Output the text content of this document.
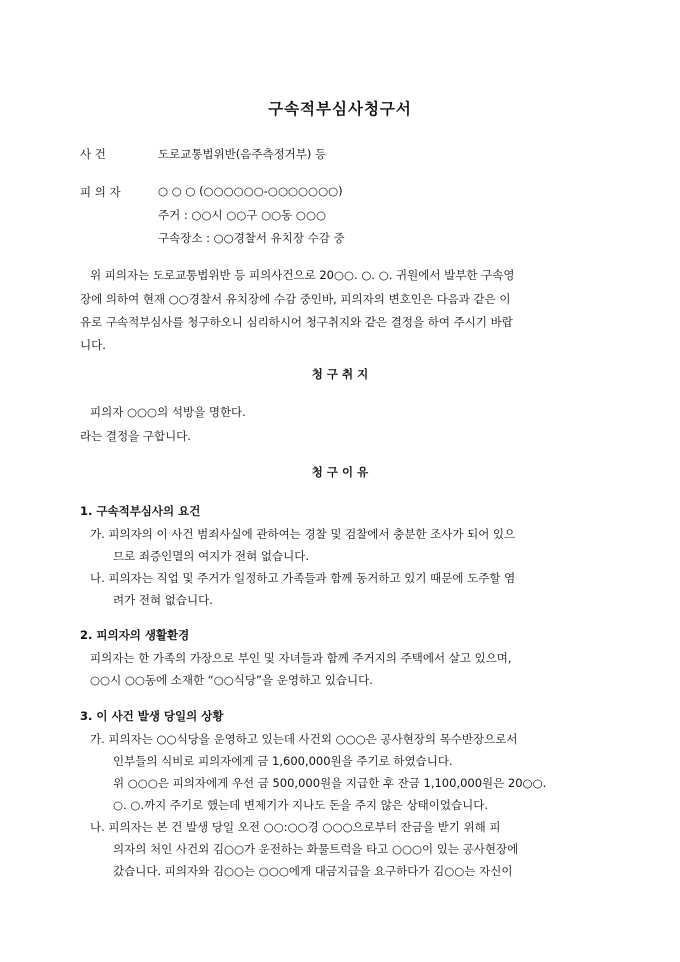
구속적부심사청구서
사 건	도로교통법위반(음주측정거부) 등
피 의 자	○ ○ ○ (○○○○○○-○○○○○○○)
주거 : ○○시 ○○구 ○○동 ○○○
구속장소 : ○○경찰서 유치장 수감 중
위 피의자는 도로교통법위반 등 피의사건으로 20○○. ○. ○. 귀원에서 발부한 구속영
장에 의하여 현재 ○○경찰서 유치장에 수감 중인바, 피의자의 변호인은 다음과 같은 이
유로 구속적부심사를 청구하오니 심리하시어 청구취지와 같은 결정을 하여 주시기 바랍
니다.
청 구 취 지
피의자 ○○○의 석방을 명한다.
라는 결정을 구합니다.
청 구 이 유
1. 구속적부심사의 요건
가. 피의자의 이 사건 범죄사실에 관하여는 경찰 및 검찰에서 충분한 조사가 되어 있으
므로 죄증인멸의 여지가 전혀 없습니다.
나. 피의자는 직업 및 주거가 일정하고 가족들과 함께 동거하고 있기 때문에 도주할 염
려가 전혀 없습니다.
2. 피의자의 생활환경
피의자는 한 가족의 가장으로 부인 및 자녀들과 함께 주거지의 주택에서 살고 있으며,
○○시 ○○동에 소재한 “○○식당”을 운영하고 있습니다.
3. 이 사건 발생 당일의 상황
가. 피의자는 ○○식당을 운영하고 있는데 사건외 ○○○은 공사현장의 목수반장으로서
인부들의 식비로 피의자에게 금 1,600,000원을 주기로 하였습니다.
위 ○○○은 피의자에게 우선 금 500,000원을 지급한 후 잔금 1,100,000원은 20○○.
○. ○.까지 주기로 했는데 변제기가 지나도 돈을 주지 않은 상태이었습니다.
나. 피의자는 본 건 발생 당일 오전 ○○:○○경 ○○○으로부터 잔금을 받기 위해 피
의자의 처인 사건외 김○○가 운전하는 화물트럭을 타고 ○○○이 있는 공사현장에
갔습니다. 피의자와 김○○는 ○○○에게 대금지급을 요구하다가 김○○는 자신이
